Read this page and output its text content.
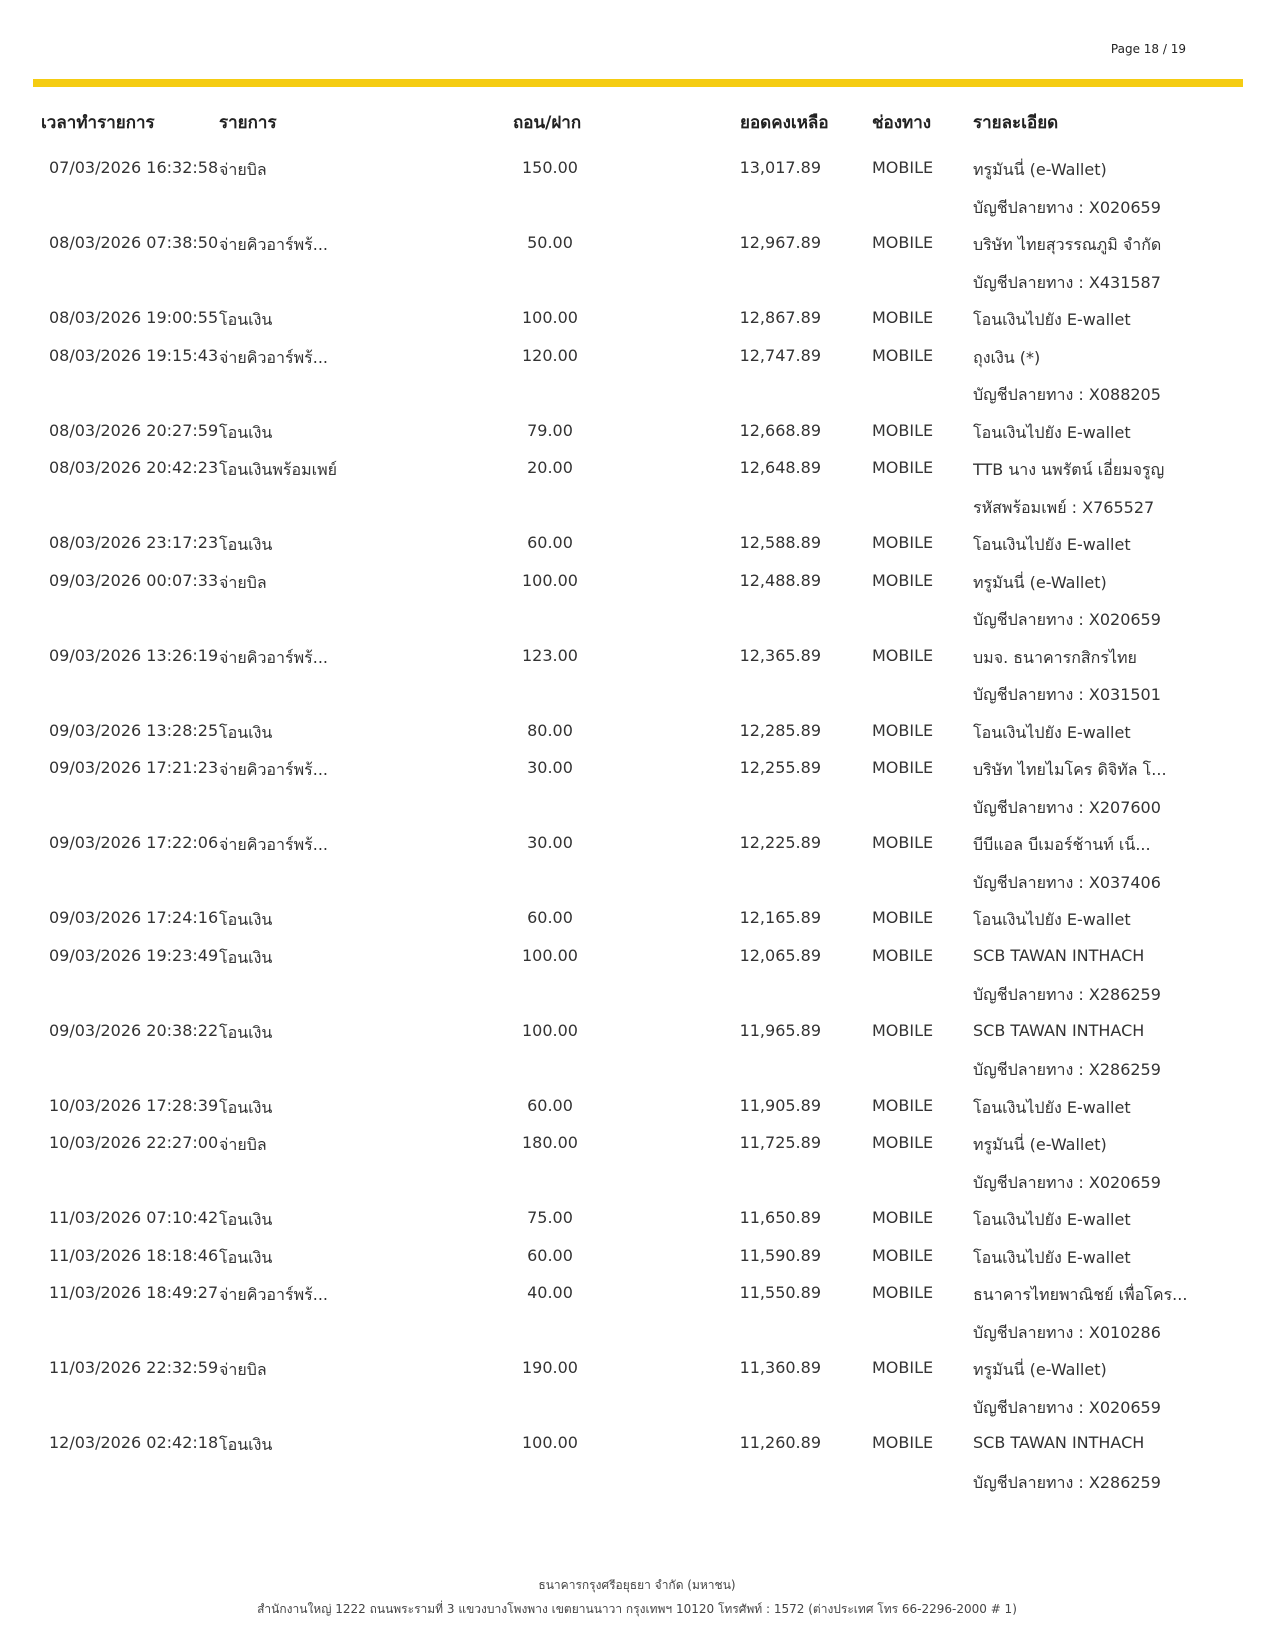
Page 18 / 19
เวลาทำรายการ	รายการ	ถอน/ฝาก	ยอดคงเหลือ	ช่องทาง รายละเอียด
07/03/2026 16:32:58 จ่ายบิล	150.00	13,017.89	MOBILE ทรูมันนี่ (e-Wallet)
บัญชีปลายทาง : X020659
08/03/2026 07:38:50 จ่ายคิวอาร์พร้...	50.00	12,967.89	MOBILE บริษัท ไทยสุวรรณภูมิ จำกัด
บัญชีปลายทาง : X431587
08/03/2026 19:00:55 โอนเงิน	100.00	12,867.89	MOBILE โอนเงินไปยัง E-wallet
08/03/2026 19:15:43 จ่ายคิวอาร์พร้...	120.00	12,747.89	MOBILE ถุงเงิน (*)
บัญชีปลายทาง : X088205
08/03/2026 20:27:59 โอนเงิน	79.00	12,668.89	MOBILE โอนเงินไปยัง E-wallet
08/03/2026 20:42:23 โอนเงินพร้อมเพย์	20.00	12,648.89	MOBILE TTB นาง นพรัตน์ เอี่ยมจรูญ
รหัสพร้อมเพย์ : X765527
08/03/2026 23:17:23 โอนเงิน	60.00	12,588.89	MOBILE โอนเงินไปยัง E-wallet
09/03/2026 00:07:33 จ่ายบิล	100.00	12,488.89	MOBILE ทรูมันนี่ (e-Wallet)
บัญชีปลายทาง : X020659
09/03/2026 13:26:19 จ่ายคิวอาร์พร้...	123.00	12,365.89	MOBILE บมจ. ธนาคารกสิกรไทย
บัญชีปลายทาง : X031501
09/03/2026 13:28:25 โอนเงิน	80.00	12,285.89	MOBILE โอนเงินไปยัง E-wallet
09/03/2026 17:21:23 จ่ายคิวอาร์พร้...	30.00	12,255.89	MOBILE บริษัท ไทยไมโคร ดิจิทัล โ...
บัญชีปลายทาง : X207600
09/03/2026 17:22:06 จ่ายคิวอาร์พร้...	30.00	12,225.89	MOBILE บีบีแอล บีเมอร์ช้านท์ เน็...
บัญชีปลายทาง : X037406
09/03/2026 17:24:16 โอนเงิน	60.00	12,165.89	MOBILE โอนเงินไปยัง E-wallet
09/03/2026 19:23:49 โอนเงิน	100.00	12,065.89	MOBILE SCB TAWAN INTHACH
บัญชีปลายทาง : X286259
09/03/2026 20:38:22 โอนเงิน	100.00	11,965.89	MOBILE SCB TAWAN INTHACH
บัญชีปลายทาง : X286259
10/03/2026 17:28:39 โอนเงิน	60.00	11,905.89	MOBILE โอนเงินไปยัง E-wallet
10/03/2026 22:27:00 จ่ายบิล	180.00	11,725.89	MOBILE ทรูมันนี่ (e-Wallet)
บัญชีปลายทาง : X020659
11/03/2026 07:10:42 โอนเงิน	75.00	11,650.89	MOBILE โอนเงินไปยัง E-wallet
11/03/2026 18:18:46 โอนเงิน	60.00	11,590.89	MOBILE โอนเงินไปยัง E-wallet
11/03/2026 18:49:27 จ่ายคิวอาร์พร้...	40.00	11,550.89	MOBILE ธนาคารไทยพาณิชย์ เพื่อโคร...
บัญชีปลายทาง : X010286
11/03/2026 22:32:59 จ่ายบิล	190.00	11,360.89	MOBILE ทรูมันนี่ (e-Wallet)
บัญชีปลายทาง : X020659
12/03/2026 02:42:18 โอนเงิน	100.00	11,260.89	MOBILE SCB TAWAN INTHACH
บัญชีปลายทาง : X286259
ธนาคารกรุงศรีอยุธยา จำกัด (มหาชน)
สำนักงานใหญ่ 1222 ถนนพระรามที่ 3 แขวงบางโพงพาง เขตยานนาวา กรุงเทพฯ 10120 โทรศัพท์ : 1572 (ต่างประเทศ โทร 66-2296-2000 # 1)
